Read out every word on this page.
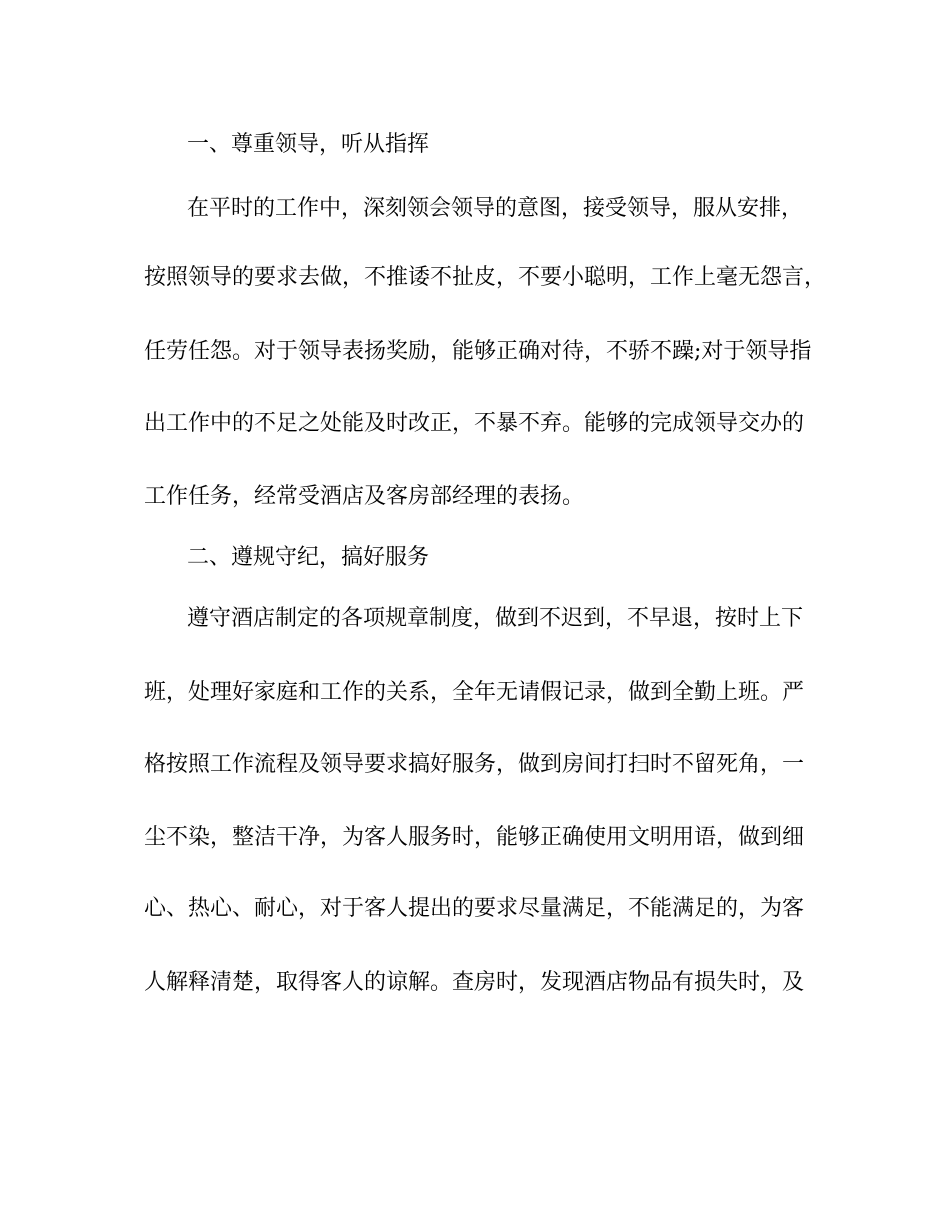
一、尊重领导，听从指挥
在平时的工作中，深刻领会领导的意图，接受领导，服从安排，
按照领导的要求去做，不推诿不扯皮，不要小聪明，工作上毫无怨言，
任劳任怨。对于领导表扬奖励，能够正确对待，不骄不躁;对于领导指
出工作中的不足之处能及时改正，不暴不弃。能够的完成领导交办的
工作任务，经常受酒店及客房部经理的表扬。
二、遵规守纪，搞好服务
遵守酒店制定的各项规章制度，做到不迟到，不早退，按时上下
班，处理好家庭和工作的关系，全年无请假记录，做到全勤上班。严
格按照工作流程及领导要求搞好服务，做到房间打扫时不留死角，一
尘不染，整洁干净，为客人服务时，能够正确使用文明用语，做到细
心、热心、耐心，对于客人提出的要求尽量满足，不能满足的，为客
人解释清楚，取得客人的谅解。查房时，发现酒店物品有损失时，及
